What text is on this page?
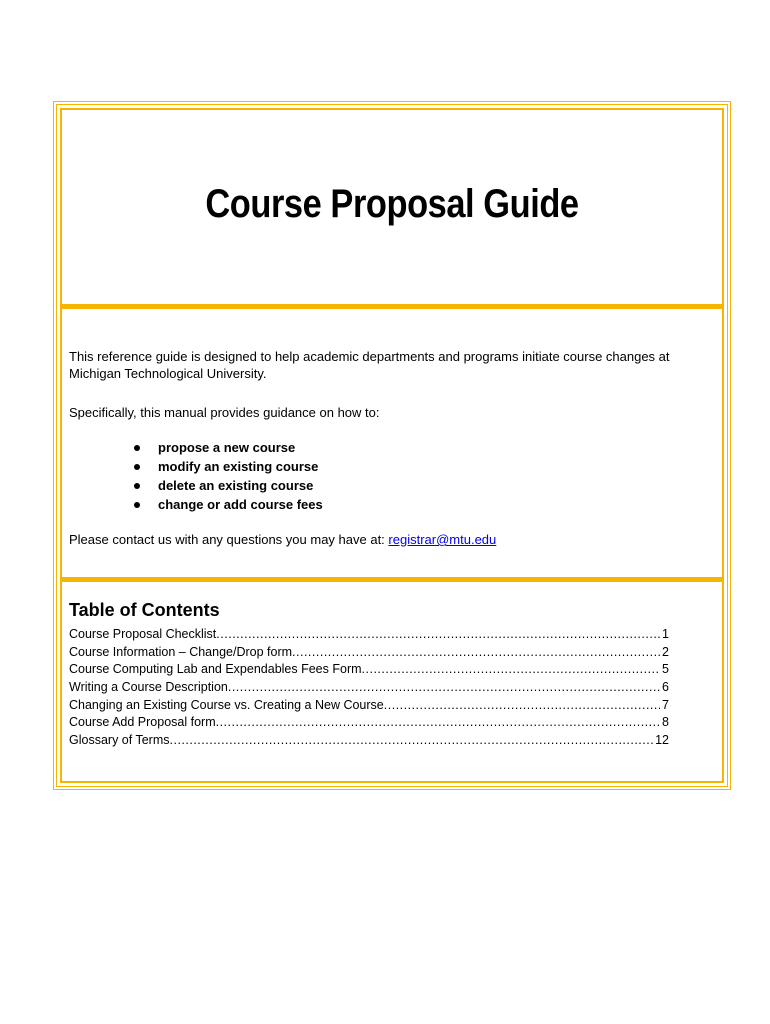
Course Proposal Guide
This reference guide is designed to help academic departments and programs initiate course changes at Michigan Technological University.
Specifically, this manual provides guidance on how to:
propose a new course
modify an existing course
delete an existing course
change or add course fees
Please contact us with any questions you may have at: registrar@mtu.edu
Table of Contents
Course Proposal Checklist .....	1
Course Information – Change/Drop form .....	2
Course Computing Lab and Expendables Fees Form .....	5
Writing a Course Description .....	6
Changing an Existing Course vs. Creating a New Course .....	7
Course Add Proposal form .....	8
Glossary of Terms .....	12
